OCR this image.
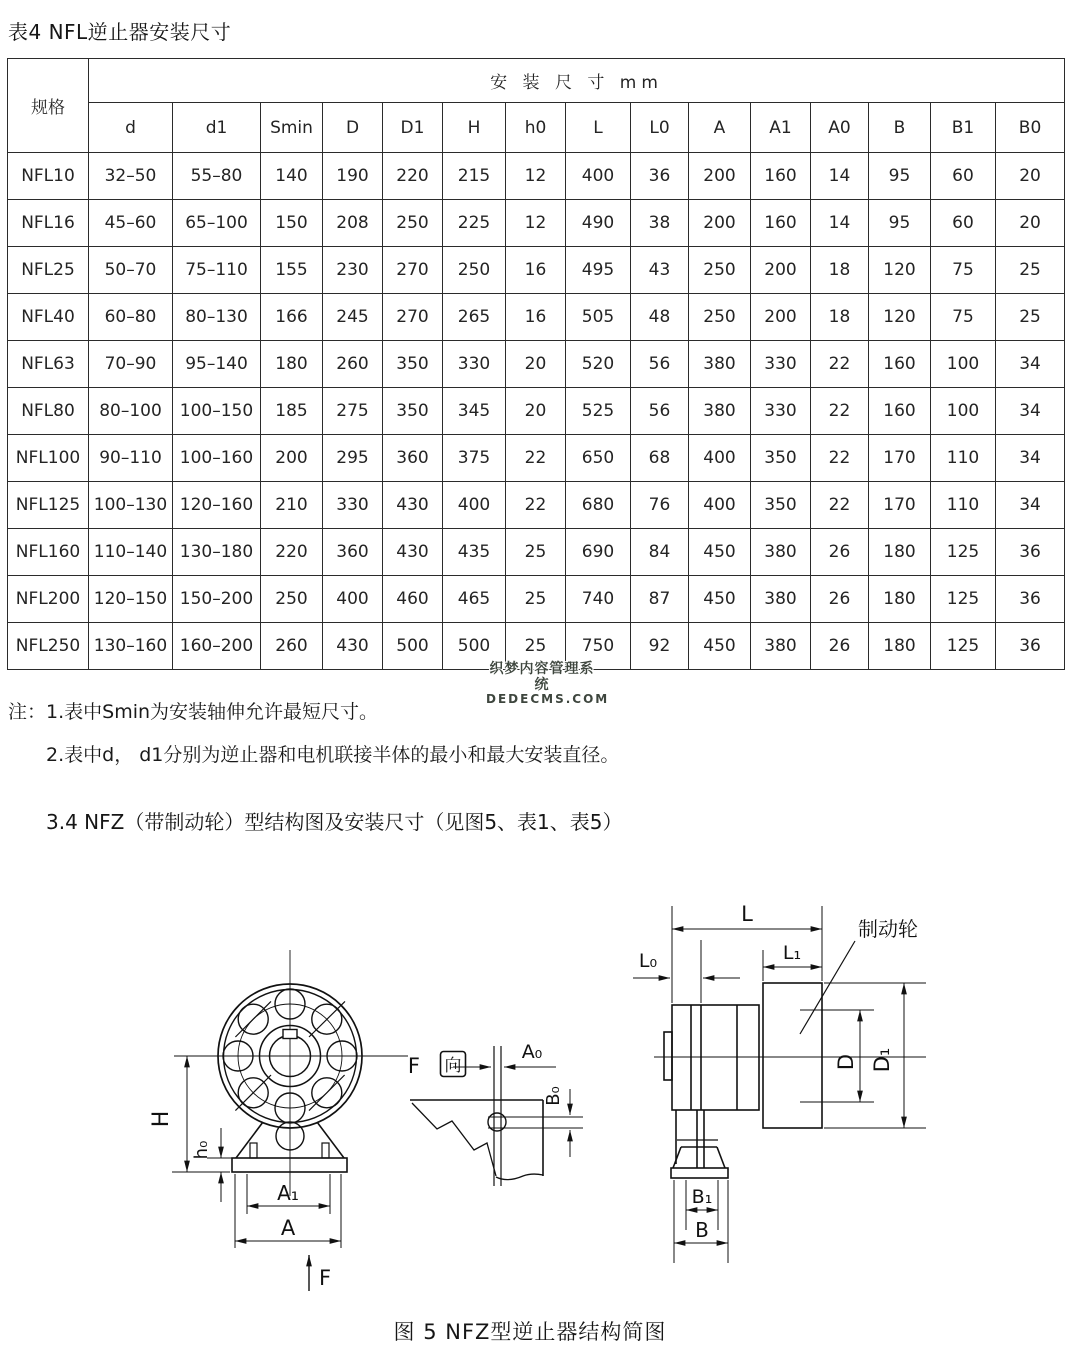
表4 NFL逆止器安装尺寸
规格	安 装 尺 寸 mm														
	d	d1	Smin	D	D1	H	h0	L	L0	A	A1	A0	B	B1	B0
NFL10	32–50	55–80	140	190	220	215	12	400	36	200	160	14	95	60	20
NFL16	45–60	65–100	150	208	250	225	12	490	38	200	160	14	95	60	20
NFL25	50–70	75–110	155	230	270	250	16	495	43	250	200	18	120	75	25
NFL40	60–80	80–130	166	245	270	265	16	505	48	250	200	18	120	75	25
NFL63	70–90	95–140	180	260	350	330	20	520	56	380	330	22	160	100	34
NFL80	80–100	100–150	185	275	350	345	20	525	56	380	330	22	160	100	34
NFL100	90–110	100–160	200	295	360	375	22	650	68	400	350	22	170	110	34
NFL125	100–130	120–160	210	330	430	400	22	680	76	400	350	22	170	110	34
NFL160	110–140	130–180	220	360	430	435	25	690	84	450	380	26	180	125	36
NFL200	120–150	150–200	250	400	460	465	25	740	87	450	380	26	180	125	36
NFL250	130–160	160–200	260	430	500	500	25	750	92	450	380	26	180	125	36
织梦内容管理系统
DEDECMS.COM
注：1.表中Smin为安装轴伸允许最短尺寸。
2.表中d， d1分别为逆止器和电机联接半体的最小和最大安装直径。
3.4 NFZ（带制动轮）型结构图及安装尺寸（见图5、表1、表5）
H
h₀
A₁
A
F
F 向
A₀
B₀
L
L₁
L₀
制动轮
D D₁
B₁
B
图 5 NFZ型逆止器结构简图
